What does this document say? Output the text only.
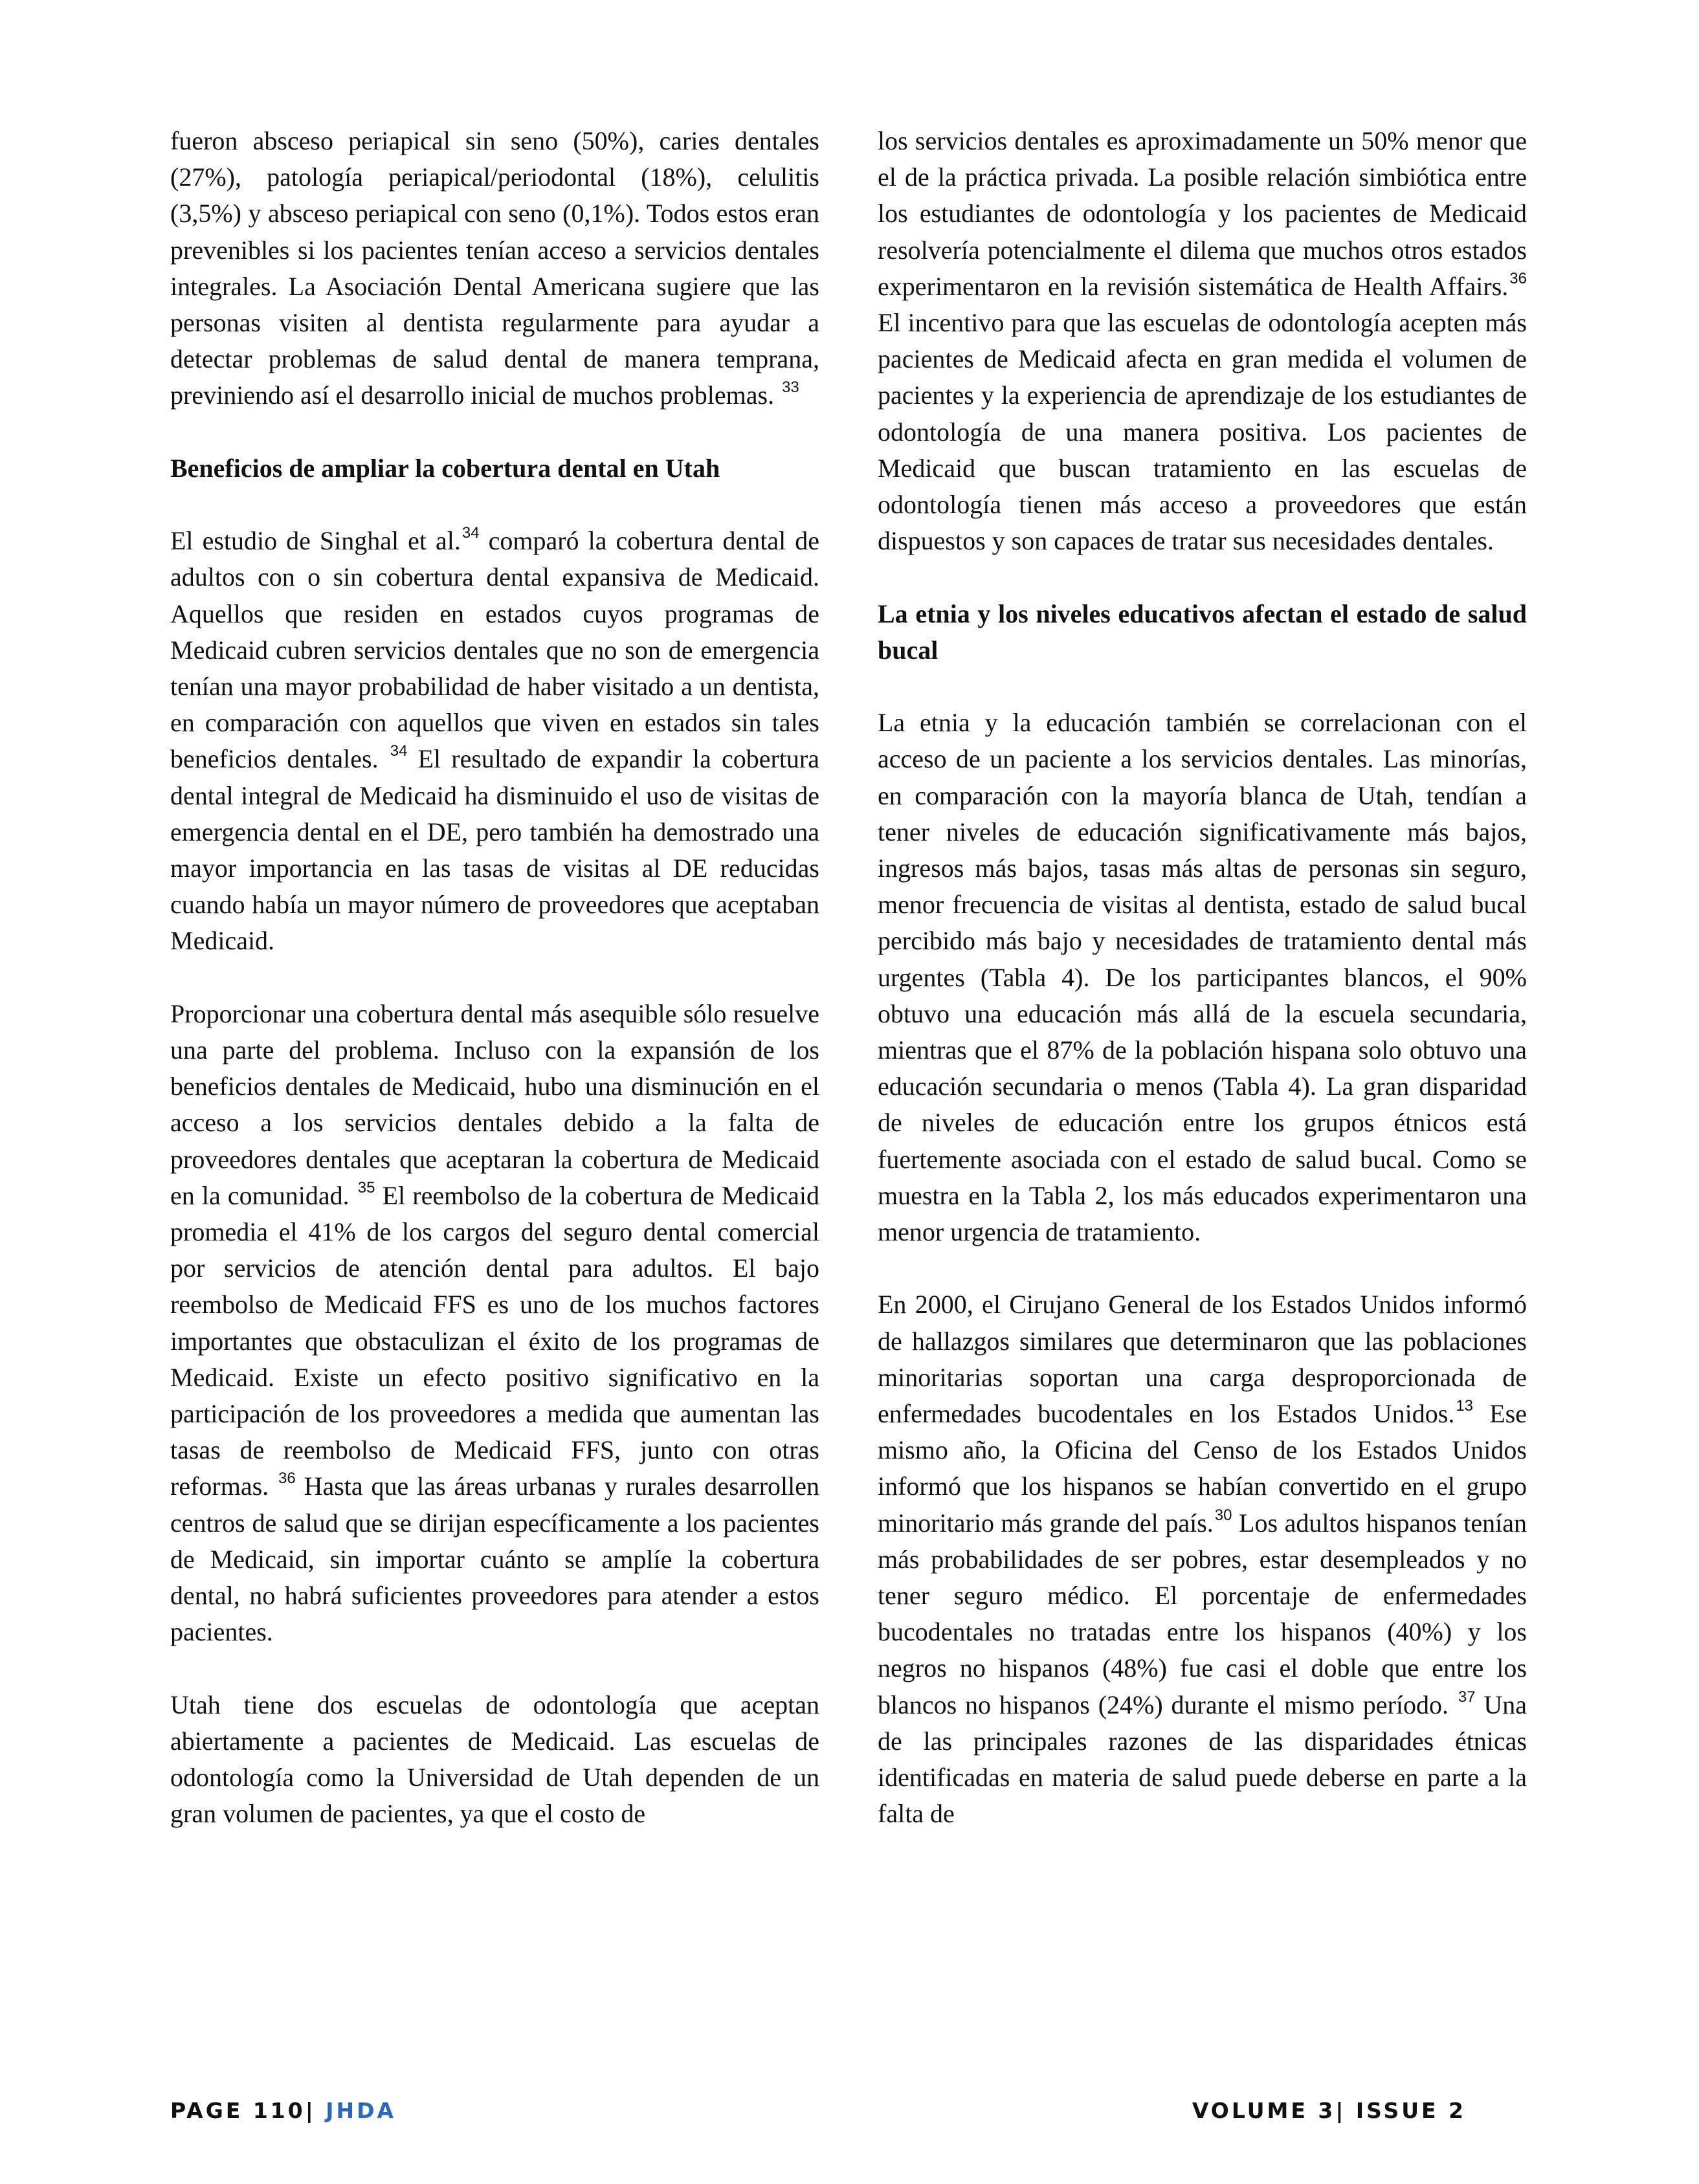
fueron absceso periapical sin seno (50%), caries dentales (27%), patología periapical/periodontal (18%), celulitis (3,5%) y absceso periapical con seno (0,1%). Todos estos eran prevenibles si los pacientes tenían acceso a servicios dentales integrales. La Asociación Dental Americana sugiere que las personas visiten al dentista regularmente para ayudar a detectar problemas de salud dental de manera temprana, previniendo así el desarrollo inicial de muchos problemas. $^{33}$

Beneficios de ampliar la cobertura dental en Utah

El estudio de Singhal et al.$^{34}$ comparó la cobertura dental de adultos con o sin cobertura dental expansiva de Medicaid. Aquellos que residen en estados cuyos programas de Medicaid cubren servicios dentales que no son de emergencia tenían una mayor probabilidad de haber visitado a un dentista, en comparación con aquellos que viven en estados sin tales beneficios dentales. $^{34}$ El resultado de expandir la cobertura dental integral de Medicaid ha disminuido el uso de visitas de emergencia dental en el DE, pero también ha demostrado una mayor importancia en las tasas de visitas al DE reducidas cuando había un mayor número de proveedores que aceptaban Medicaid.

Proporcionar una cobertura dental más asequible sólo resuelve una parte del problema. Incluso con la expansión de los beneficios dentales de Medicaid, hubo una disminución en el acceso a los servicios dentales debido a la falta de proveedores dentales que aceptaran la cobertura de Medicaid en la comunidad. $^{35}$ El reembolso de la cobertura de Medicaid promedia el 41% de los cargos del seguro dental comercial por servicios de atención dental para adultos. El bajo reembolso de Medicaid FFS es uno de los muchos factores importantes que obstaculizan el éxito de los programas de Medicaid. Existe un efecto positivo significativo en la participación de los proveedores a medida que aumentan las tasas de reembolso de Medicaid FFS, junto con otras reformas. $^{36}$ Hasta que las áreas urbanas y rurales desarrollen centros de salud que se dirijan específicamente a los pacientes de Medicaid, sin importar cuánto se amplíe la cobertura dental, no habrá suficientes proveedores para atender a estos pacientes.

Utah tiene dos escuelas de odontología que aceptan abiertamente a pacientes de Medicaid. Las escuelas de odontología como la Universidad de Utah dependen de un gran volumen de pacientes, ya que el costo de

los servicios dentales es aproximadamente un 50% menor que el de la práctica privada. La posible relación simbiótica entre los estudiantes de odontología y los pacientes de Medicaid resolvería potencialmente el dilema que muchos otros estados experimentaron en la revisión sistemática de Health Affairs.$^{36}$ El incentivo para que las escuelas de odontología acepten más pacientes de Medicaid afecta en gran medida el volumen de pacientes y la experiencia de aprendizaje de los estudiantes de odontología de una manera positiva. Los pacientes de Medicaid que buscan tratamiento en las escuelas de odontología tienen más acceso a proveedores que están dispuestos y son capaces de tratar sus necesidades dentales.

La etnia y los niveles educativos afectan el estado de salud bucal

La etnia y la educación también se correlacionan con el acceso de un paciente a los servicios dentales. Las minorías, en comparación con la mayoría blanca de Utah, tendían a tener niveles de educación significativamente más bajos, ingresos más bajos, tasas más altas de personas sin seguro, menor frecuencia de visitas al dentista, estado de salud bucal percibido más bajo y necesidades de tratamiento dental más urgentes (Tabla 4). De los participantes blancos, el 90% obtuvo una educación más allá de la escuela secundaria, mientras que el 87% de la población hispana solo obtuvo una educación secundaria o menos (Tabla 4). La gran disparidad de niveles de educación entre los grupos étnicos está fuertemente asociada con el estado de salud bucal. Como se muestra en la Tabla 2, los más educados experimentaron una menor urgencia de tratamiento.

En 2000, el Cirujano General de los Estados Unidos informó de hallazgos similares que determinaron que las poblaciones minoritarias soportan una carga desproporcionada de enfermedades bucodentales en los Estados Unidos.$^{13}$ Ese mismo año, la Oficina del Censo de los Estados Unidos informó que los hispanos se habían convertido en el grupo minoritario más grande del país.$^{30}$ Los adultos hispanos tenían más probabilidades de ser pobres, estar desempleados y no tener seguro médico. El porcentaje de enfermedades bucodentales no tratadas entre los hispanos (40%) y los negros no hispanos (48%) fue casi el doble que entre los blancos no hispanos (24%) durante el mismo período. $^{37}$ Una de las principales razones de las disparidades étnicas identificadas en materia de salud puede deberse en parte a la falta de

PAGE 110| JHDA	VOLUME 3| ISSUE 2
